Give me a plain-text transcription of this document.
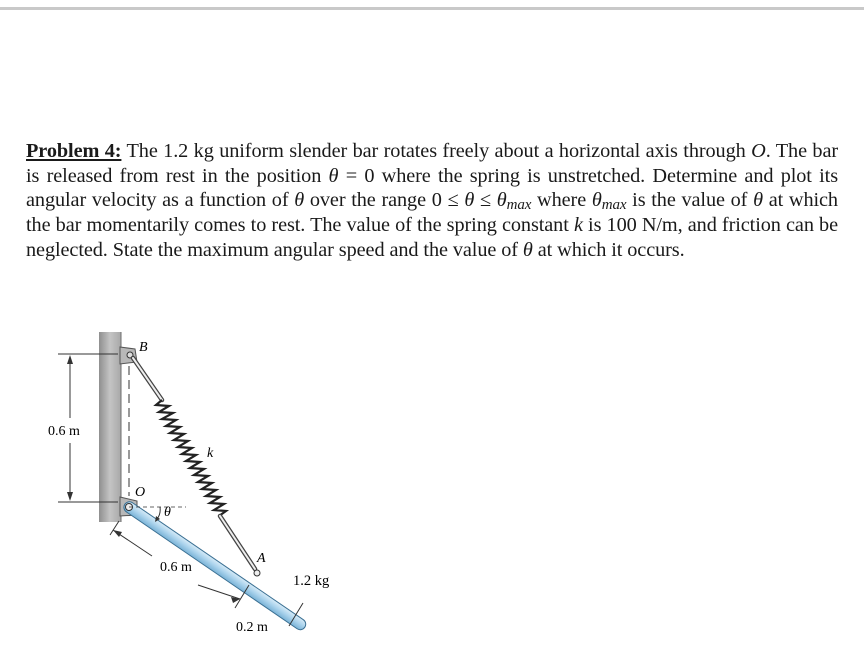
Problem 4: The 1.2 kg uniform slender bar rotates freely about a horizontal axis through O. The bar is released from rest in the position θ = 0 where the spring is unstretched. Determine and plot its angular velocity as a function of θ over the range $0 \le \theta \le \theta_{max}$ where $\theta_{max}$ is the value of θ at which the bar momentarily comes to rest. The value of the spring constant k is 100 N/m, and friction can be neglected. State the maximum angular speed and the value of θ at which it occurs.
0.6 m
B
k
O
θ
A
0.6 m
0.2 m
1.2 kg
